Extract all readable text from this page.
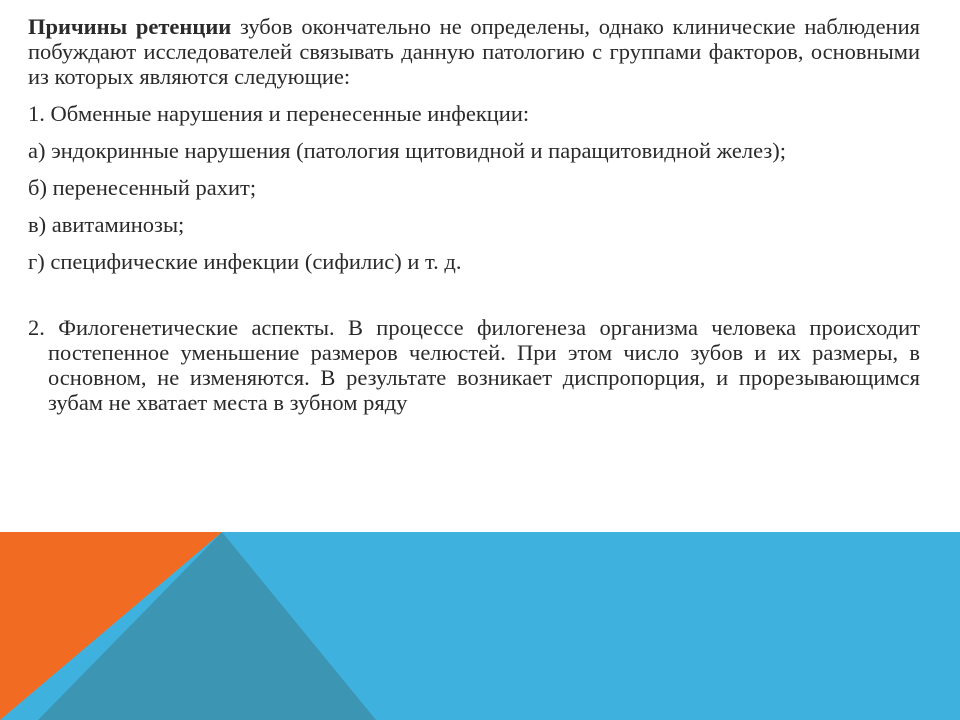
Причины ретенции зубов окончательно не определены, однако клинические наблюдения побуждают исследователей связывать данную патологию с группами факторов, основными из которых являются следующие:

1. Обменные нарушения и перенесенные инфекции:

а) эндокринные нарушения (патология щитовидной и паращитовидной желез);

б) перенесенный рахит;

в) авитаминозы;

г) специфические инфекции (сифилис) и т. д.

2. Филогенетические аспекты. В процессе филогенеза организма человека происходит постепенное уменьшение размеров челюстей. При этом число зубов и их размеры, в основном, не изменяются. В результате возникает диспропорция, и прорезывающимся зубам не хватает места в зубном ряду
